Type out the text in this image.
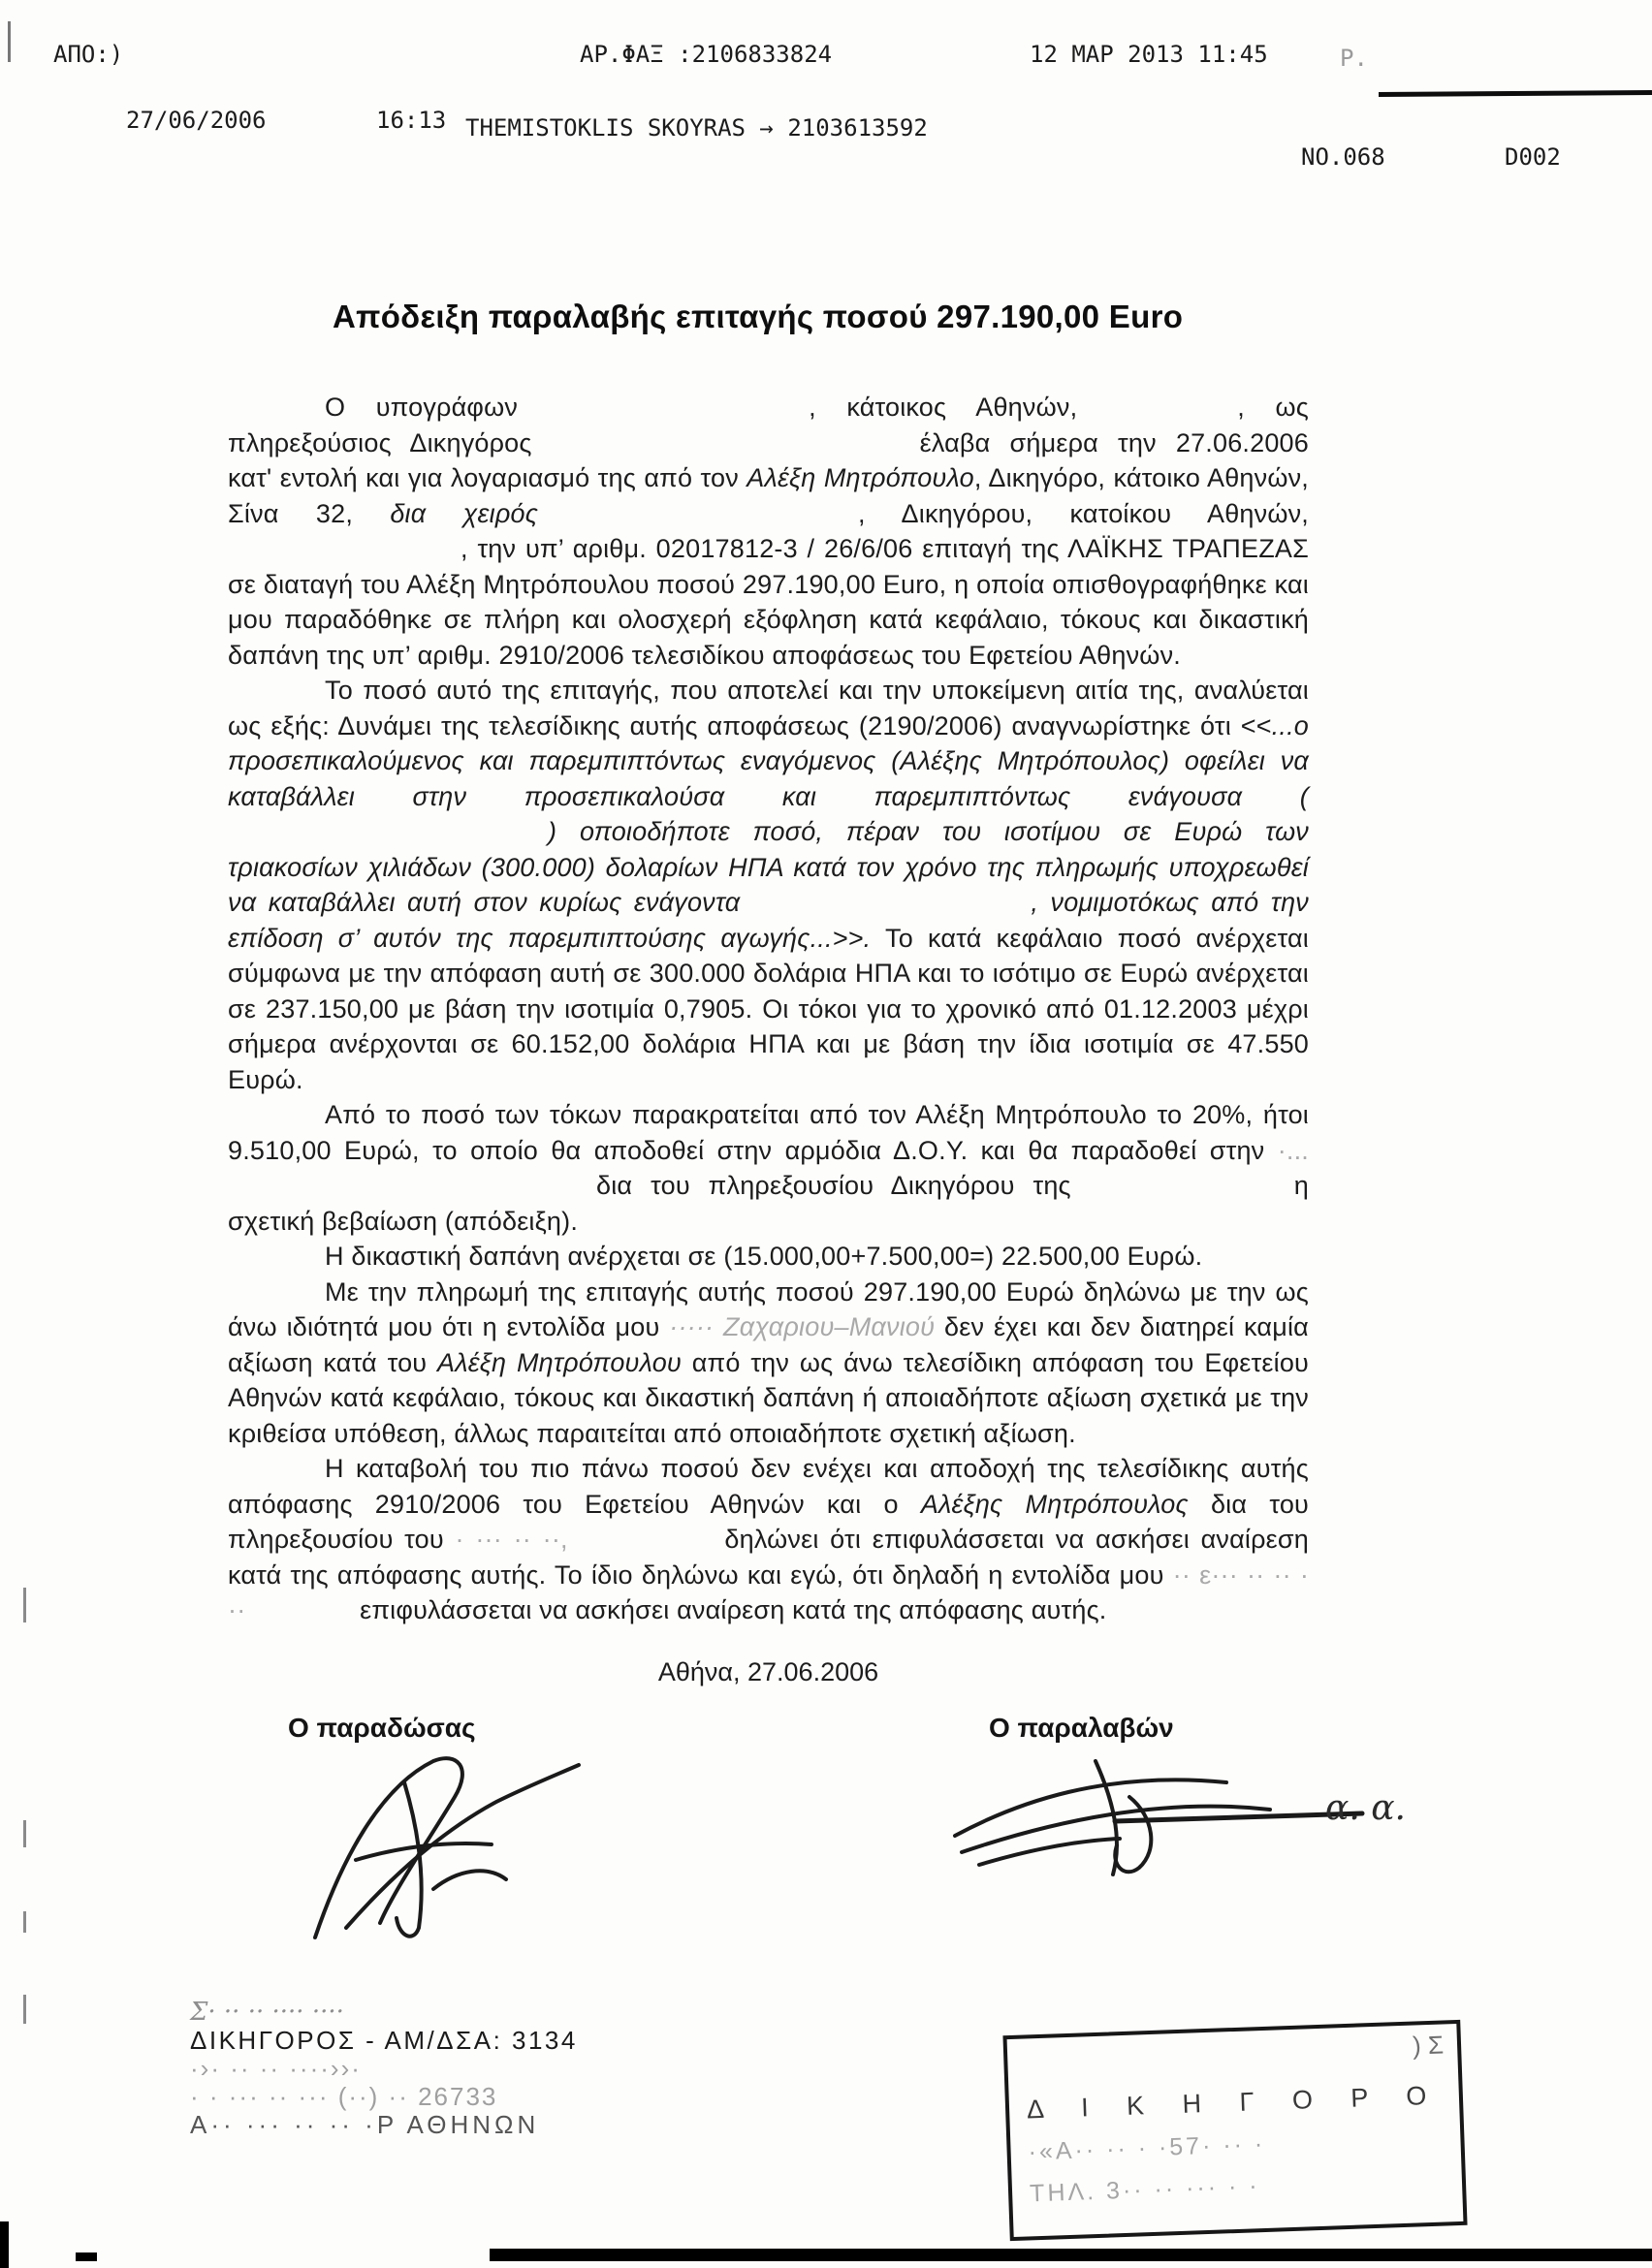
ΑΠΟ:)	ΑΡ.ΦΑΞ :2106833824	12 ΜΑΡ 2013 11:45	Ρ.
27/06/2006	16:13 THEMISTOKLIS SKOYRAS → 2103613592
NO.068	D002
Απόδειξη παραλαβής επιταγής ποσού 297.190,00 Euro

Ο υπογράφων	, κάτοικος Αθηνών,	, ως πληρεξούσιος Δικηγόρος	έλαβα σήμερα την 27.06.2006 κατ' εντολή και για λογαριασμό της από τον Αλέξη Μητρόπουλο, Δικηγόρο, κάτοικο Αθηνών, Σίνα 32, δια χειρός	, Δικηγόρου, κατοίκου Αθηνών,, την υπ’ αριθμ. 02017812-3 / 26/6/06 επιταγή της ΛΑΪΚΗΣ ΤΡΑΠΕΖΑΣ σε διαταγή του Αλέξη Μητρόπουλου ποσού 297.190,00 Euro, η οποία οπισθογραφήθηκε και μου παραδόθηκε σε πλήρη και ολοσχερή εξόφληση κατά κεφάλαιο, τόκους και δικαστική δαπάνη της υπ’ αριθμ. 2910/2006 τελεσιδίκου αποφάσεως του Εφετείου Αθηνών.

Το ποσό αυτό της επιταγής, που αποτελεί και την υποκείμενη αιτία της, αναλύεται ως εξής: Δυνάμει της τελεσίδικης αυτής αποφάσεως (2190/2006) αναγνωρίστηκε ότι <<...ο προσεπικαλούμενος και παρεμπιπτόντως εναγόμενος (Αλέξης Μητρόπουλος) οφείλει να καταβάλλει στην προσεπικαλούσα και παρεμπιπτόντως ενάγουσα () οποιοδήποτε ποσό, πέραν του ισοτίμου σε Ευρώ των τριακοσίων χιλιάδων (300.000) δολαρίων ΗΠΑ κατά τον χρόνο της πληρωμής υποχρεωθεί να καταβάλλει αυτή στον κυρίως ενάγοντα	, νομιμοτόκως από την επίδοση σ’ αυτόν της παρεμπιπτούσης αγωγής...>>. Το κατά κεφάλαιο ποσό ανέρχεται σύμφωνα με την απόφαση αυτή σε 300.000 δολάρια ΗΠΑ και το ισότιμο σε Ευρώ ανέρχεται σε 237.150,00 με βάση την ισοτιμία 0,7905. Οι τόκοι για το χρονικό από 01.12.2003 μέχρι σήμερα ανέρχονται σε 60.152,00 δολάρια ΗΠΑ και με βάση την ίδια ισοτιμία σε 47.550 Ευρώ.

Από το ποσό των τόκων παρακρατείται από τον Αλέξη Μητρόπουλο το 20%, ήτοι 9.510,00 Ευρώ, το οποίο θα αποδοθεί στην αρμόδια Δ.Ο.Υ. και θα παραδοθεί στην ·...δια του πληρεξουσίου Δικηγόρου της	η σχετική βεβαίωση (απόδειξη).

Η δικαστική δαπάνη ανέρχεται σε (15.000,00+7.500,00=) 22.500,00 Ευρώ.

Με την πληρωμή της επιταγής αυτής ποσού 297.190,00 Ευρώ δηλώνω με την ως άνω ιδιότητά μου ότι η εντολίδα μου ····· Ζαχαριου–Μανιού δεν έχει και δεν διατηρεί καμία αξίωση κατά του Αλέξη Μητρόπουλου από την ως άνω τελεσίδικη απόφαση του Εφετείου Αθηνών κατά κεφάλαιο, τόκους και δικαστική δαπάνη ή αποιαδήποτε αξίωση σχετικά με την κριθείσα υπόθεση, άλλως παραιτείται από οποιαδήποτε σχετική αξίωση.

Η καταβολή του πιο πάνω ποσού δεν ενέχει και αποδοχή της τελεσίδικης αυτής απόφασης 2910/2006 του Εφετείου Αθηνών και ο Αλέξης Μητρόπουλος δια του πληρεξουσίου του · ··· ·· ··,	δηλώνει ότι επιφυλάσσεται να ασκήσει αναίρεση κατά της απόφασης αυτής. Το ίδιο δηλώνω και εγώ, ότι δηλαδή η εντολίδα μου ·· ε··· ·· ·· · ··	επιφυλάσσεται να ασκήσει αναίρεση κατά της απόφασης αυτής.

Αθήνα, 27.06.2006
Ο παραδώσας	Ο παραλαβών
α. α.
Σ· ·· ·· ···· ····
ΔΙΚΗΓΟΡΟΣ - ΑΜ/ΔΣΑ: 3134
·›· ·· ·· ····››·
· · ··· ·· ··· (··) ·· 26733
Α·· ··· ·· ·· ·Ρ ΑΘΗΝΩΝ
) Σ
Δ Ι Κ Η Γ Ο Ρ Ο
·«Α·· ·· · ·57· ·· ·
ΤΗΛ. 3·· ·· ··· · ·
